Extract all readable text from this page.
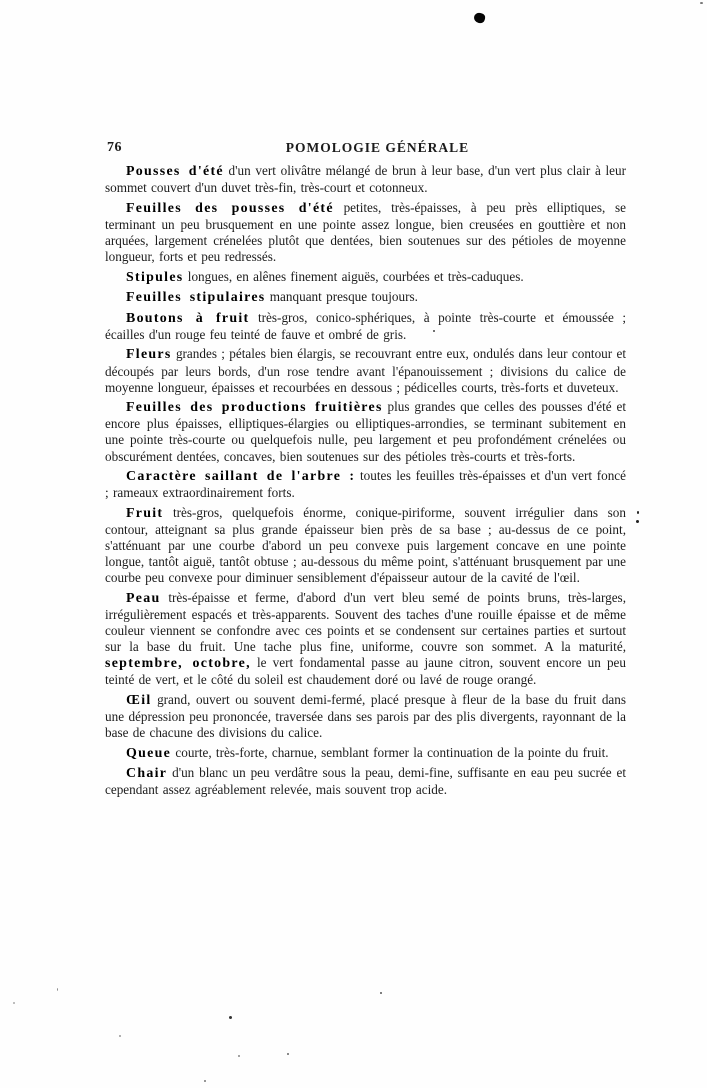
76	POMOLOGIE GÉNÉRALE

Pousses d'été d'un vert olivâtre mélangé de brun à leur base, d'un vert plus clair à leur sommet couvert d'un duvet très-fin, très-court et cotonneux.

Feuilles des pousses d'été petites, très-épaisses, à peu près elliptiques, se terminant un peu brusquement en une pointe assez longue, bien creusées en gouttière et non arquées, largement crénelées plutôt que dentées, bien soutenues sur des pétioles de moyenne longueur, forts et peu redressés.

Stipules longues, en alênes finement aiguës, courbées et très-caduques.

Feuilles stipulaires manquant presque toujours.

Boutons à fruit très-gros, conico-sphériques, à pointe très-courte et émoussée ; écailles d'un rouge feu teinté de fauve et ombré de gris.

Fleurs grandes ; pétales bien élargis, se recouvrant entre eux, ondulés dans leur contour et découpés par leurs bords, d'un rose tendre avant l'épanouissement ; divisions du calice de moyenne longueur, épaisses et recourbées en dessous ; pédicelles courts, très-forts et duveteux.

Feuilles des productions fruitières plus grandes que celles des pousses d'été et encore plus épaisses, elliptiques-élargies ou elliptiques-arrondies, se terminant subitement en une pointe très-courte ou quelquefois nulle, peu largement et peu profondément crénelées ou obscurément dentées, concaves, bien soutenues sur des pétioles très-courts et très-forts.

Caractère saillant de l'arbre : toutes les feuilles très-épaisses et d'un vert foncé ; rameaux extraordinairement forts.

Fruit très-gros, quelquefois énorme, conique-piriforme, souvent irrégulier dans son contour, atteignant sa plus grande épaisseur bien près de sa base ; au-dessus de ce point, s'atténuant par une courbe d'abord un peu convexe puis largement concave en une pointe longue, tantôt aiguë, tantôt obtuse ; au-dessous du même point, s'atténuant brusquement par une courbe peu convexe pour diminuer sensiblement d'épaisseur autour de la cavité de l'œil.

Peau très-épaisse et ferme, d'abord d'un vert bleu semé de points bruns, très-larges, irrégulièrement espacés et très-apparents. Souvent des taches d'une rouille épaisse et de même couleur viennent se confondre avec ces points et se condensent sur certaines parties et surtout sur la base du fruit. Une tache plus fine, uniforme, couvre son sommet. A la maturité, septembre, octobre, le vert fondamental passe au jaune citron, souvent encore un peu teinté de vert, et le côté du soleil est chaudement doré ou lavé de rouge orangé.

Œil grand, ouvert ou souvent demi-fermé, placé presque à fleur de la base du fruit dans une dépression peu prononcée, traversée dans ses parois par des plis divergents, rayonnant de la base de chacune des divisions du calice.

Queue courte, très-forte, charnue, semblant former la continuation de la pointe du fruit.

Chair d'un blanc un peu verdâtre sous la peau, demi-fine, suffisante en eau peu sucrée et cependant assez agréablement relevée, mais souvent trop acide.
